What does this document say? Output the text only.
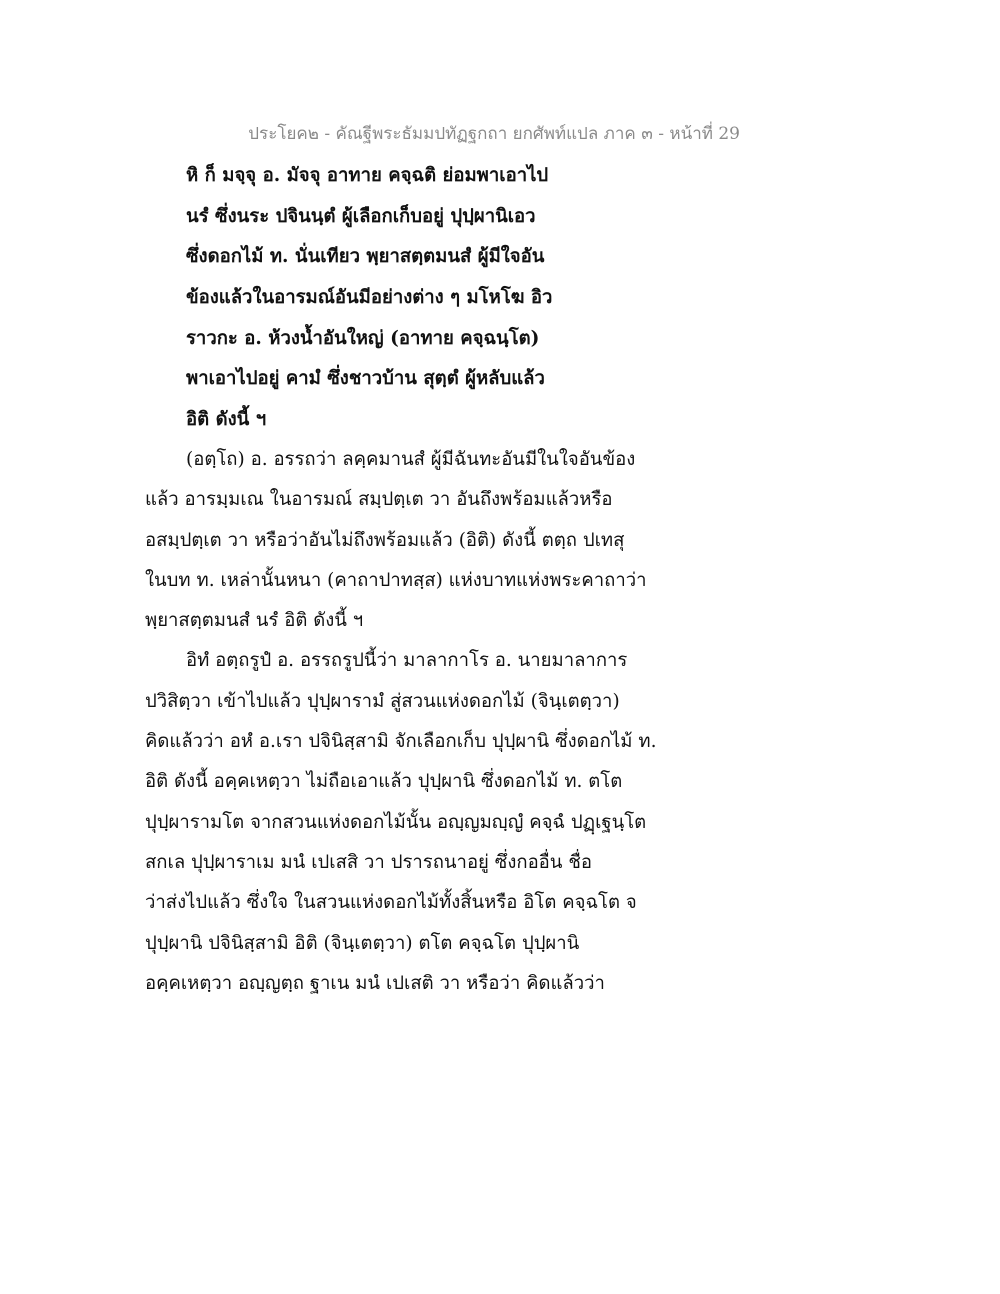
ประโยค๒ - คัณฐีพระธัมมปทัฏฐกถา ยกศัพท์แปล ภาค ๓ - หน้าที่ 29
หิ ก็ มจฺจุ อ. มัจจุ อาทาย คจฺฉติ ย่อมพาเอาไป
นรํ ซึ่งนระ ปจินนฺตํ ผู้เลือกเก็บอยู่ ปุปฺผานิเอว
ซึ่งดอกไม้ ท. นั่นเทียว พฺยาสตฺตมนสํ ผู้มีใจอัน
ข้องแล้วในอารมณ์อันมีอย่างต่าง ๆ มโหโฆ อิว
ราวกะ อ. ห้วงน้ำอันใหญ่ (อาทาย คจฺฉนฺโต)
พาเอาไปอยู่ คามํ ซึ่งชาวบ้าน สุตฺตํ ผู้หลับแล้ว
อิติ ดังนี้ ฯ
(อตฺโถ) อ. อรรถว่า ลคฺคมานสํ ผู้มีฉันทะอันมีในใจอันข้อง
แล้ว อารมฺมเณ ในอารมณ์ สมฺปตฺเต วา อันถึงพร้อมแล้วหรือ
อสมฺปตฺเต วา หรือว่าอันไม่ถึงพร้อมแล้ว (อิติ) ดังนี้ ตตฺถ ปเทสุ
ในบท ท. เหล่านั้นหนา (คาถาปาทสฺส) แห่งบาทแห่งพระคาถาว่า
พฺยาสตฺตมนสํ นรํ อิติ ดังนี้ ฯ
อิทํ อตฺถรูปํ อ. อรรถรูปนี้ว่า มาลากาโร อ. นายมาลาการ
ปวิสิตฺวา เข้าไปแล้ว ปุปฺผารามํ สู่สวนแห่งดอกไม้ (จินฺเตตฺวา)
คิดแล้วว่า อหํ อ.เรา ปจินิสฺสามิ จักเลือกเก็บ ปุปฺผานิ ซึ่งดอกไม้ ท.
อิติ ดังนี้ อคฺคเหตฺวา ไม่ถือเอาแล้ว ปุปฺผานิ ซึ่งดอกไม้ ท. ตโต
ปุปฺผารามโต จากสวนแห่งดอกไม้นั้น อญฺญมญฺญํ คจฺฉํ ปฏฺเฐนฺโต
สกเล ปุปฺผาราเม มนํ เปเสสิ วา ปรารถนาอยู่ ซึ่งกออื่น ชื่อ
ว่าส่งไปแล้ว ซึ่งใจ ในสวนแห่งดอกไม้ทั้งสิ้นหรือ อิโต คจฺฉโต จ
ปุปฺผานิ ปจินิสฺสามิ อิติ (จินฺเตตฺวา) ตโต คจฺฉโต ปุปฺผานิ
อคฺคเหตฺวา อญฺญตฺถ ฐาเน มนํ เปเสติ วา หรือว่า คิดแล้วว่า
